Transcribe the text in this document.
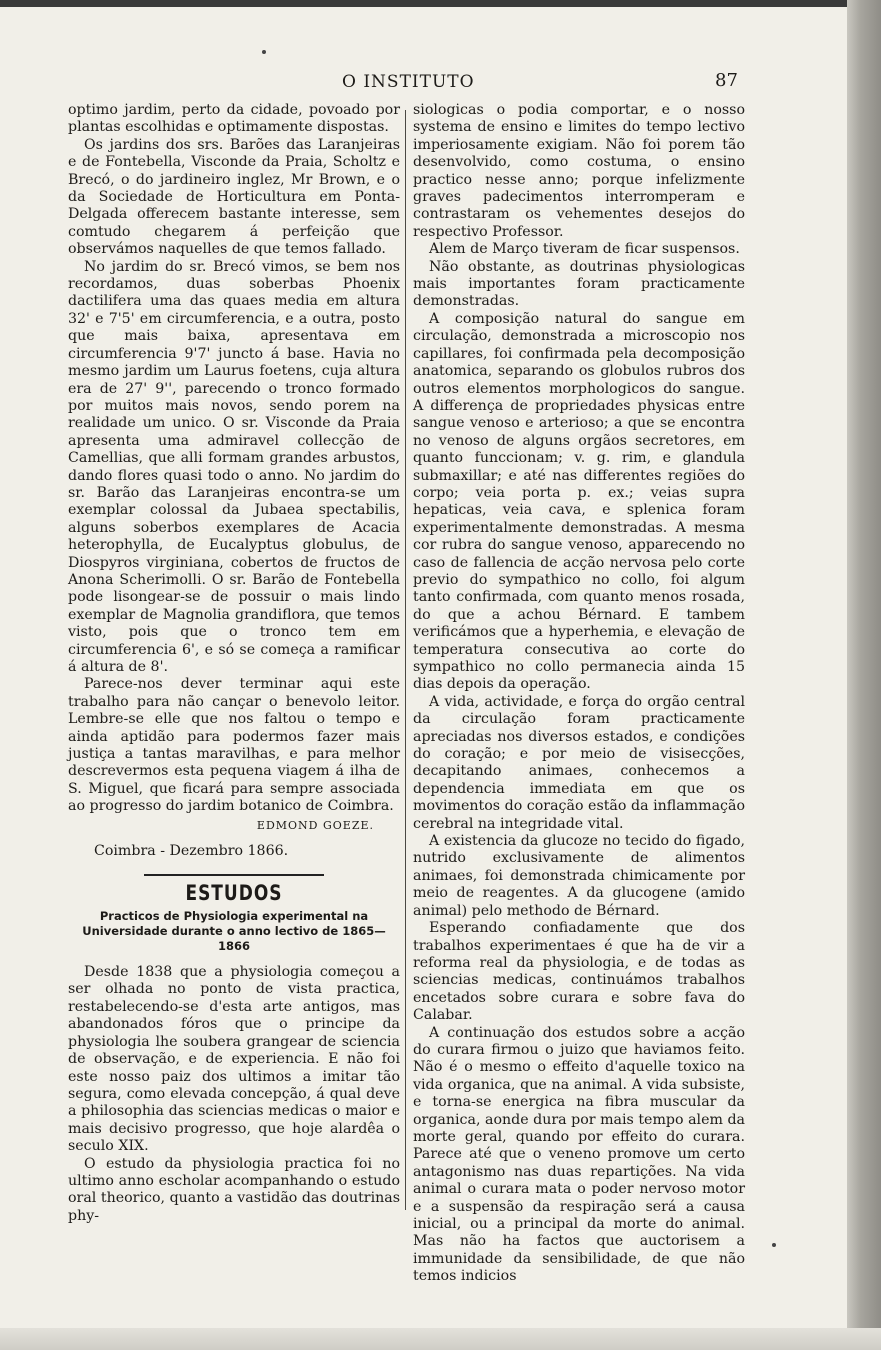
O INSTITUTO	87

optimo jardim, perto da cidade, povoado por plantas escolhidas e optimamente dispostas.

Os jardins dos srs. Barões das Laranjeiras e de Fontebella, Visconde da Praia, Scholtz e Brecó, o do jardineiro inglez, Mr Brown, e o da Sociedade de Horticultura em Ponta-Delgada offerecem bastante interesse, sem comtudo chegarem á perfeição que observámos naquelles de que temos fallado.

No jardim do sr. Brecó vimos, se bem nos recordamos, duas soberbas Phoenix dactilifera uma das quaes media em altura 32' e 7'5' em circumferencia, e a outra, posto que mais baixa, apresentava em circumferencia 9'7' juncto á base. Havia no mesmo jardim um Laurus foetens, cuja altura era de 27' 9'', parecendo o tronco formado por muitos mais novos, sendo porem na realidade um unico. O sr. Visconde da Praia apresenta uma admiravel collecção de Camellias, que alli formam grandes arbustos, dando flores quasi todo o anno. No jardim do sr. Barão das Laranjeiras encontra-se um exemplar colossal da Jubaea spectabilis, alguns soberbos exemplares de Acacia heterophylla, de Eucalyptus globulus, de Diospyros virginiana, cobertos de fructos de Anona Scherimolli. O sr. Barão de Fontebella pode lisongear-se de possuir o mais lindo exemplar de Magnolia grandiflora, que temos visto, pois que o tronco tem em circumferencia 6', e só se começa a ramificar á altura de 8'.

Parece-nos dever terminar aqui este trabalho para não cançar o benevolo leitor. Lembre-se elle que nos faltou o tempo e ainda aptidão para podermos fazer mais justiça a tantas maravilhas, e para melhor descrevermos esta pequena viagem á ilha de S. Miguel, que ficará para sempre associada ao progresso do jardim botanico de Coimbra.

EDMOND GOEZE.
Coimbra - Dezembro 1866.
ESTUDOS
Practicos de Physiologia experimental na Universidade durante o anno lectivo de 1865—1866

Desde 1838 que a physiologia começou a ser olhada no ponto de vista practica, restabelecendo-se d'esta arte antigos, mas abandonados fóros que o principe da physiologia lhe soubera grangear de sciencia de observação, e de experiencia. E não foi este nosso paiz dos ultimos a imitar tão segura, como elevada concepção, á qual deve a philosophia das sciencias medicas o maior e mais decisivo progresso, que hoje alardêa o seculo XIX.

O estudo da physiologia practica foi no ultimo anno escholar acompanhando o estudo oral theorico, quanto a vastidão das doutrinas phy-

siologicas o podia comportar, e o nosso systema de ensino e limites do tempo lectivo imperiosamente exigiam. Não foi porem tão desenvolvido, como costuma, o ensino practico nesse anno; porque infelizmente graves padecimentos interromperam e contrastaram os vehementes desejos do respectivo Professor.

Alem de Março tiveram de ficar suspensos.

Não obstante, as doutrinas physiologicas mais importantes foram practicamente demonstradas.

A composição natural do sangue em circulação, demonstrada a microscopio nos capillares, foi confirmada pela decomposição anatomica, separando os globulos rubros dos outros elementos morphologicos do sangue. A differença de propriedades physicas entre sangue venoso e arterioso; a que se encontra no venoso de alguns orgãos secretores, em quanto funccionam; v. g. rim, e glandula submaxillar; e até nas differentes regiões do corpo; veia porta p. ex.; veias supra hepaticas, veia cava, e splenica foram experimentalmente demonstradas. A mesma cor rubra do sangue venoso, apparecendo no caso de fallencia de acção nervosa pelo corte previo do sympathico no collo, foi algum tanto confirmada, com quanto menos rosada, do que a achou Bérnard. E tambem verificámos que a hyperhemia, e elevação de temperatura consecutiva ao corte do sympathico no collo permanecia ainda 15 dias depois da operação.

A vida, actividade, e força do orgão central da circulação foram practicamente apreciadas nos diversos estados, e condições do coração; e por meio de visisecções, decapitando animaes, conhecemos a dependencia immediata em que os movimentos do coração estão da inflammação cerebral na integridade vital.

A existencia da glucoze no tecido do figado, nutrido exclusivamente de alimentos animaes, foi demonstrada chimicamente por meio de reagentes. A da glucogene (amido animal) pelo methodo de Bérnard.

Esperando confiadamente que dos trabalhos experimentaes é que ha de vir a reforma real da physiologia, e de todas as sciencias medicas, continuámos trabalhos encetados sobre curara e sobre fava do Calabar.

A continuação dos estudos sobre a acção do curara firmou o juizo que haviamos feito. Não é o mesmo o effeito d'aquelle toxico na vida organica, que na animal. A vida subsiste, e torna-se energica na fibra muscular da organica, aonde dura por mais tempo alem da morte geral, quando por effeito do curara. Parece até que o veneno promove um certo antagonismo nas duas repartições. Na vida animal o curara mata o poder nervoso motor e a suspensão da respiração será a causa inicial, ou a principal da morte do animal. Mas não ha factos que auctorisem a immunidade da sensibilidade, de que não temos indicios
